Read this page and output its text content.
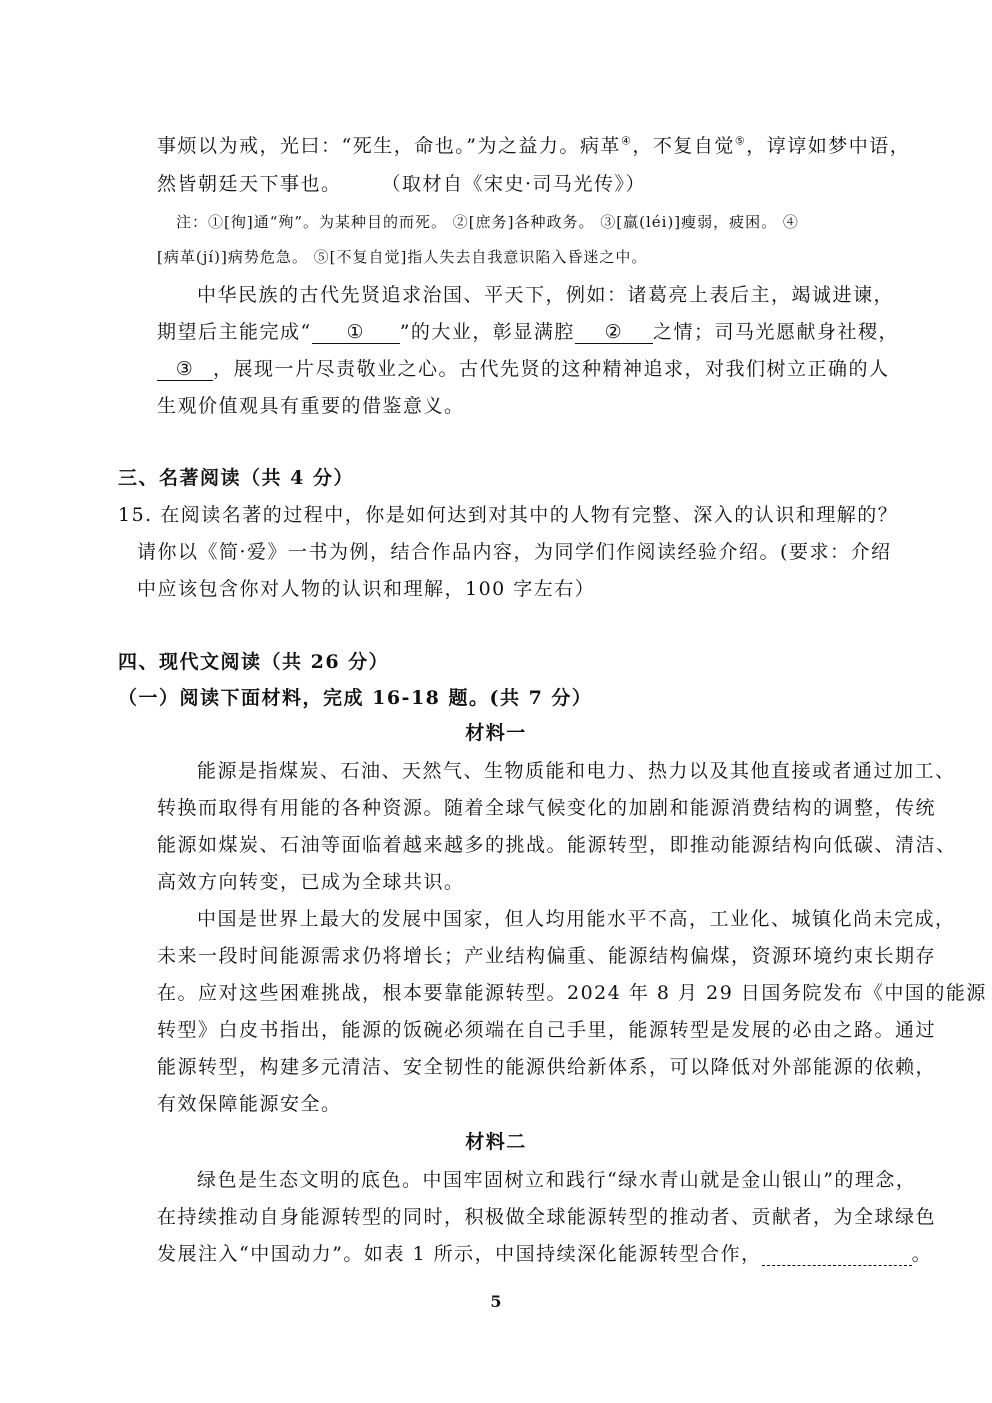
事烦以为戒，光曰：“死生，命也。”为之益力。病革④，不复自觉⑤，谆谆如梦中语，
然皆朝廷天下事也。 （取材自《宋史·司马光传》）
注：①[徇]通“殉”。为某种目的而死。 ②[庶务]各种政务。 ③[羸(léi)]瘦弱，疲困。 ④
[病革(jí)]病势危急。 ⑤[不复自觉]指人失去自我意识陷入昏迷之中。
中华民族的古代先贤追求治国、平天下，例如：诸葛亮上表后主，竭诚进谏，
期望后主能完成“ ① ”的大业，彰显满腔 ② 之情；司马光愿献身社稷，
③ ，展现一片尽责敬业之心。古代先贤的这种精神追求，对我们树立正确的人
生观价值观具有重要的借鉴意义。
三、名著阅读（共 4 分）
15. 在阅读名著的过程中，你是如何达到对其中的人物有完整、深入的认识和理解的？
请你以《简·爱》一书为例，结合作品内容，为同学们作阅读经验介绍。(要求：介绍
中应该包含你对人物的认识和理解，100 字左右）
四、现代文阅读（共 26 分）
（一）阅读下面材料，完成 16-18 题。(共 7 分）
材料一
能源是指煤炭、石油、天然气、生物质能和电力、热力以及其他直接或者通过加工、
转换而取得有用能的各种资源。随着全球气候变化的加剧和能源消费结构的调整，传统
能源如煤炭、石油等面临着越来越多的挑战。能源转型，即推动能源结构向低碳、清洁、
高效方向转变，已成为全球共识。
中国是世界上最大的发展中国家，但人均用能水平不高，工业化、城镇化尚未完成，
未来一段时间能源需求仍将增长；产业结构偏重、能源结构偏煤，资源环境约束长期存
在。应对这些困难挑战，根本要靠能源转型。2024 年 8 月 29 日国务院发布《中国的能源
转型》白皮书指出，能源的饭碗必须端在自己手里，能源转型是发展的必由之路。通过
能源转型，构建多元清洁、安全韧性的能源供给新体系，可以降低对外部能源的依赖，
有效保障能源安全。
材料二
绿色是生态文明的底色。中国牢固树立和践行“绿水青山就是金山银山”的理念，
在持续推动自身能源转型的同时，积极做全球能源转型的推动者、贡献者，为全球绿色
发展注入“中国动力”。如表 1 所示，中国持续深化能源转型合作，	。
5
